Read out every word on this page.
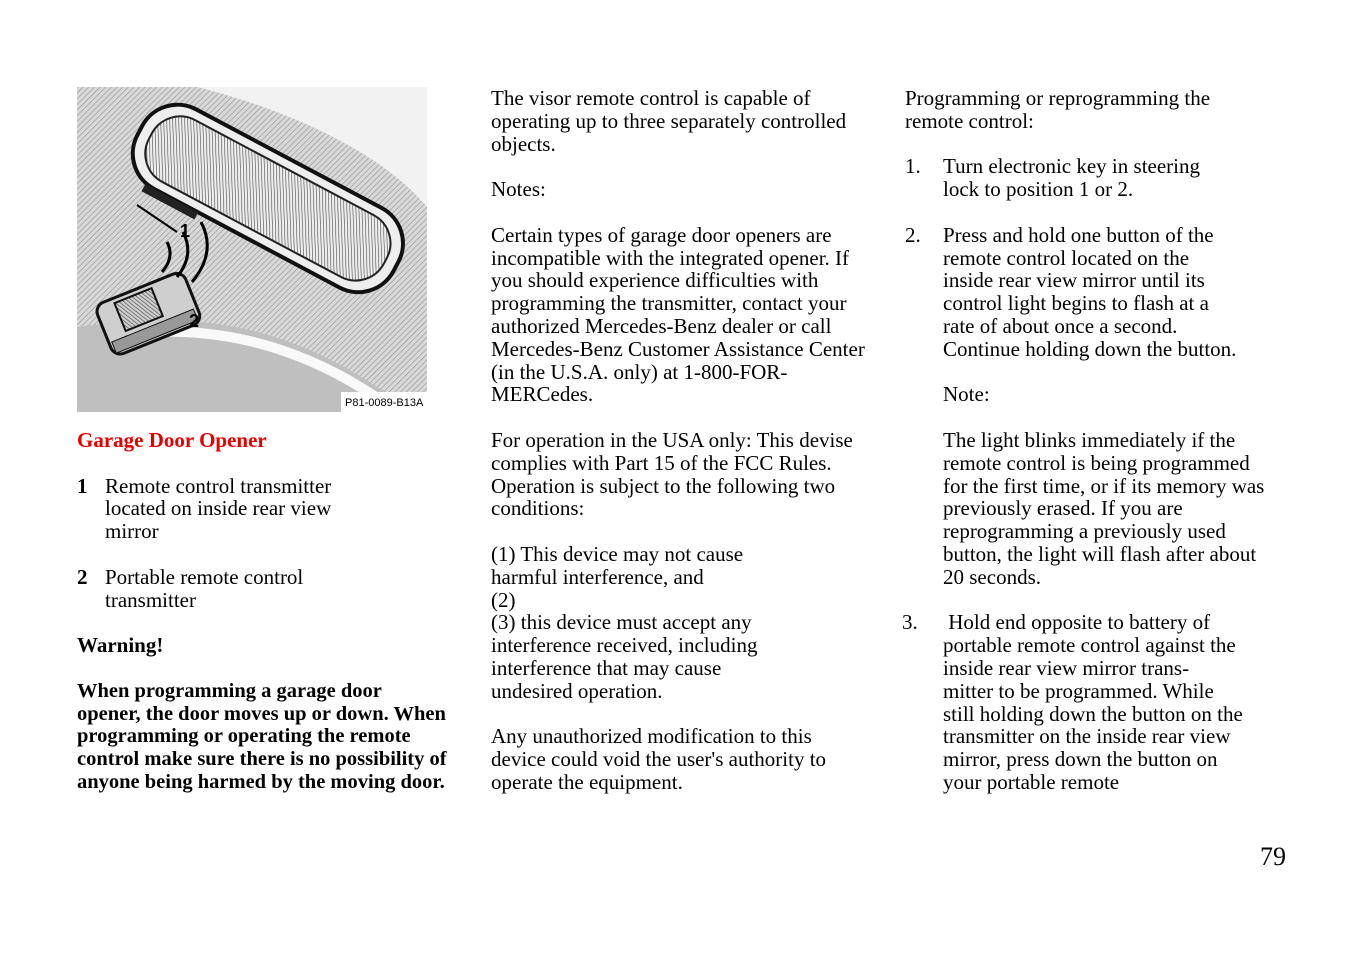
1
2
P81-0089-B13A
Garage Door Opener
1 Remote control transmitter located on inside rear view mirror
2 Portable remote control transmitter
Warning!
When programming a garage door opener, the door moves up or down. When programming or operating the remote control make sure there is no possibility of anyone being harmed by the moving door.

The visor remote control is capable of operating up to three separately controlled objects.

Notes:

Certain types of garage door openers are incompatible with the integrated opener. If you should experience difficulties with programming the transmitter, contact your authorized Mercedes-Benz dealer or call Mercedes-Benz Customer Assistance Center (in the U.S.A. only) at 1-800-FOR-MERCedes.

For operation in the USA only: This devise complies with Part 15 of the FCC Rules. Operation is subject to the following two conditions:

(1) This device may not cause harmful interference, and

(2)

(3) this device must accept any interference received, including interference that may cause undesired operation.

Any unauthorized modification to this device could void the user's authority to operate the equipment.

Programming or reprogramming the remote control:

1.	Turn electronic key in steering lock to position 1 or 2.
2.	Press and hold one button of the remote control located on the inside rear view mirror until its control light begins to flash at a rate of about once a second. Continue holding down the button.

Note:

The light blinks immediately if the remote control is being programmed for the first time, or if its memory was previously erased. If you are reprogramming a previously used button, the light will flash after about 20 seconds.

3.	Hold end opposite to battery of portable remote control against the inside rear view mirror trans- mitter to be programmed. While still holding down the button on the transmitter on the inside rear view mirror, press down the button on your portable remote
79
